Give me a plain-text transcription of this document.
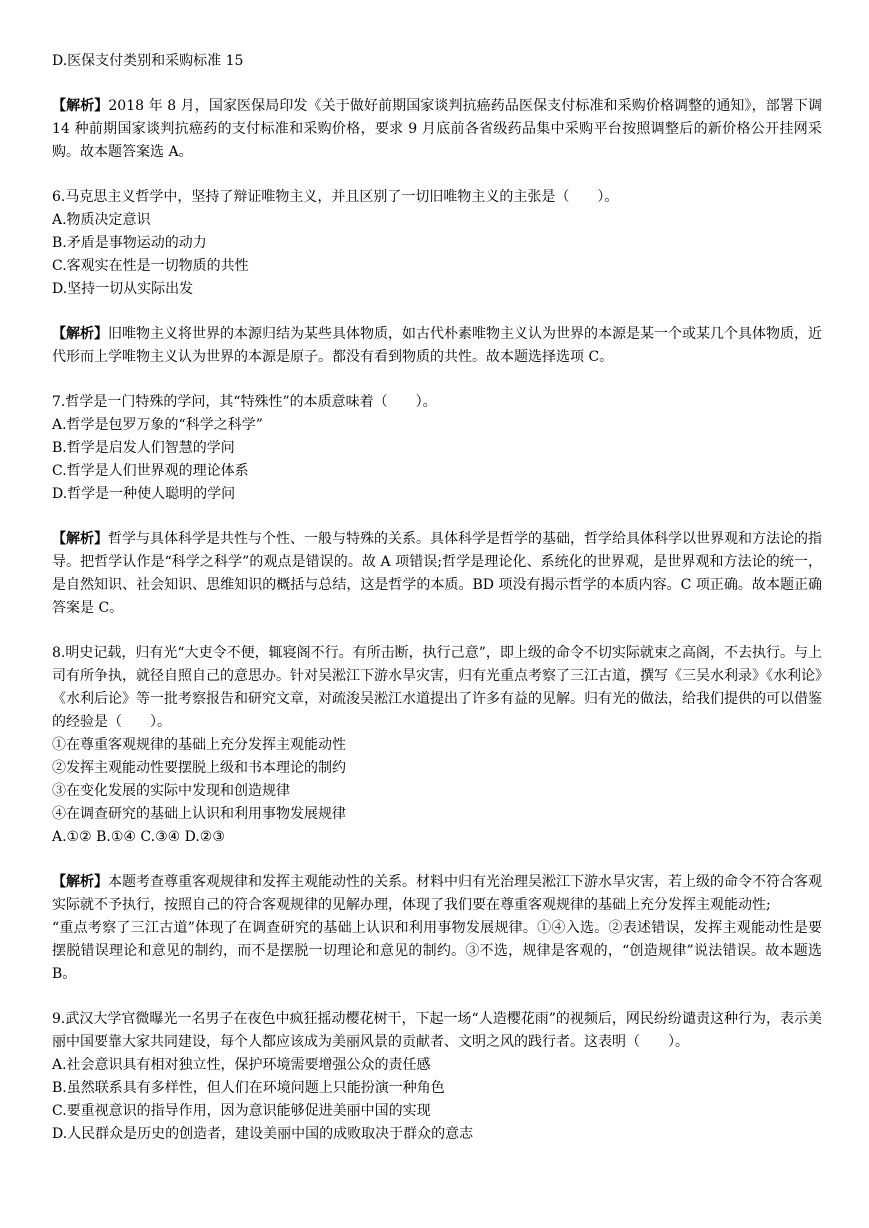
D.医保支付类别和采购标准 15
【解析】2018 年 8 月，国家医保局印发《关于做好前期国家谈判抗癌药品医保支付标准和采购价格调整的通知》，部署下调 14 种前期国家谈判抗癌药的支付标准和采购价格，要求 9 月底前各省级药品集中采购平台按照调整后的新价格公开挂网采购。故本题答案选 A。
6.马克思主义哲学中，坚持了辩证唯物主义，并且区别了一切旧唯物主义的主张是（　　）。
A.物质决定意识
B.矛盾是事物运动的动力
C.客观实在性是一切物质的共性
D.坚持一切从实际出发
【解析】旧唯物主义将世界的本源归结为某些具体物质，如古代朴素唯物主义认为世界的本源是某一个或某几个具体物质，近代形而上学唯物主义认为世界的本源是原子。都没有看到物质的共性。故本题选择选项 C。
7.哲学是一门特殊的学问，其“特殊性”的本质意味着（　　）。
A.哲学是包罗万象的“科学之科学”
B.哲学是启发人们智慧的学问
C.哲学是人们世界观的理论体系
D.哲学是一种使人聪明的学问
【解析】哲学与具体科学是共性与个性、一般与特殊的关系。具体科学是哲学的基础，哲学给具体科学以世界观和方法论的指导。把哲学认作是“科学之科学”的观点是错误的。故 A 项错误;哲学是理论化、系统化的世界观，是世界观和方法论的统一，是自然知识、社会知识、思维知识的概括与总结，这是哲学的本质。BD 项没有揭示哲学的本质内容。C 项正确。故本题正确答案是 C。
8.明史记载，归有光“大吏令不便，辄寝阁不行。有所击断，执行己意”，即上级的命令不切实际就束之高阁，不去执行。与上司有所争执，就径自照自己的意思办。针对吴淞江下游水旱灾害，归有光重点考察了三江古道，撰写《三吴水利录》《水利论》《水利后论》等一批考察报告和研究文章，对疏浚吴淞江水道提出了许多有益的见解。归有光的做法，给我们提供的可以借鉴的经验是（　　）。
①在尊重客观规律的基础上充分发挥主观能动性
②发挥主观能动性要摆脱上级和书本理论的制约
③在变化发展的实际中发现和创造规律
④在调查研究的基础上认识和利用事物发展规律
A.①② B.①④ C.③④ D.②③
【解析】本题考查尊重客观规律和发挥主观能动性的关系。材料中归有光治理吴淞江下游水旱灾害，若上级的命令不符合客观实际就不予执行，按照自己的符合客观规律的见解办理，体现了我们要在尊重客观规律的基础上充分发挥主观能动性;
“重点考察了三江古道”体现了在调查研究的基础上认识和利用事物发展规律。①④入选。②表述错误，发挥主观能动性是要摆脱错误理论和意见的制约，而不是摆脱一切理论和意见的制约。③不选，规律是客观的，“创造规律”说法错误。故本题选 B。
9.武汉大学官微曝光一名男子在夜色中疯狂摇动樱花树干，下起一场“人造樱花雨”的视频后，网民纷纷谴责这种行为，表示美丽中国要靠大家共同建设，每个人都应该成为美丽风景的贡献者、文明之风的践行者。这表明（　　）。
A.社会意识具有相对独立性，保护环境需要增强公众的责任感
B.虽然联系具有多样性，但人们在环境问题上只能扮演一种角色
C.要重视意识的指导作用，因为意识能够促进美丽中国的实现
D.人民群众是历史的创造者，建设美丽中国的成败取决于群众的意志
